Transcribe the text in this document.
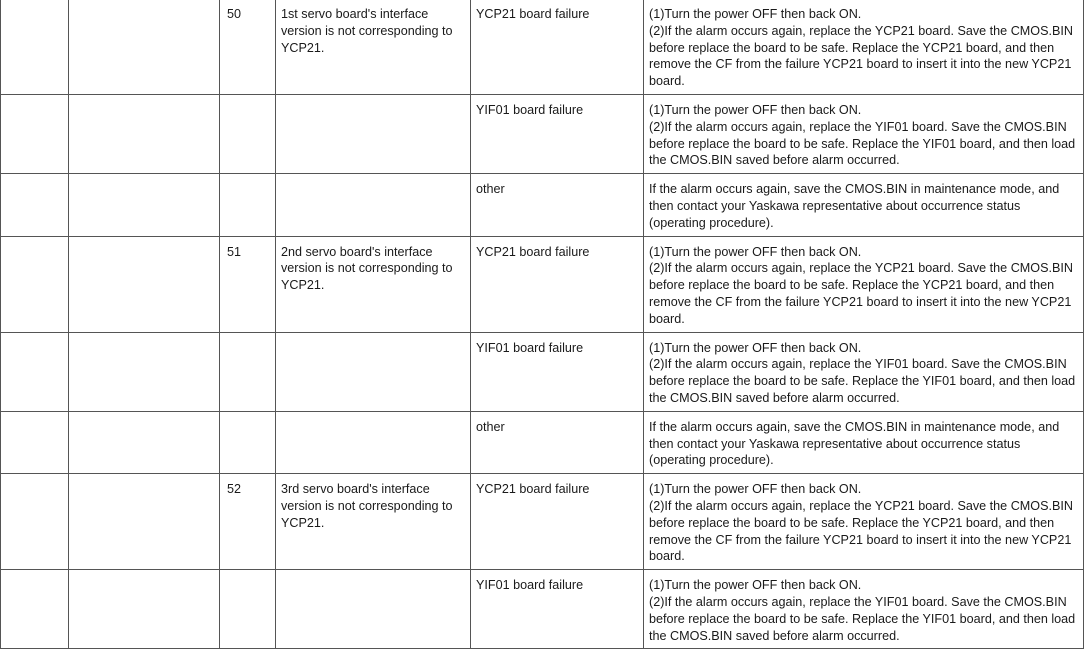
		50	1st servo board's interface version is not corresponding to YCP21.	YCP21 board failure	(1)Turn the power OFF then back ON.
(2)If the alarm occurs again, replace the YCP21 board. Save the CMOS.BIN before replace the board to be safe. Replace the YCP21 board, and then remove the CF from the failure YCP21 board to insert it into the new YCP21 board.
				YIF01 board failure	(1)Turn the power OFF then back ON.
(2)If the alarm occurs again, replace the YIF01 board. Save the CMOS.BIN before replace the board to be safe. Replace the YIF01 board, and then load the CMOS.BIN saved before alarm occurred.
				other	If the alarm occurs again, save the CMOS.BIN in maintenance mode, and then contact your Yaskawa representative about occurrence status (operating procedure).
		51	2nd servo board's interface version is not corresponding to YCP21.	YCP21 board failure	(1)Turn the power OFF then back ON.
(2)If the alarm occurs again, replace the YCP21 board. Save the CMOS.BIN before replace the board to be safe. Replace the YCP21 board, and then remove the CF from the failure YCP21 board to insert it into the new YCP21 board.
				YIF01 board failure	(1)Turn the power OFF then back ON.
(2)If the alarm occurs again, replace the YIF01 board. Save the CMOS.BIN before replace the board to be safe. Replace the YIF01 board, and then load the CMOS.BIN saved before alarm occurred.
				other	If the alarm occurs again, save the CMOS.BIN in maintenance mode, and then contact your Yaskawa representative about occurrence status (operating procedure).
		52	3rd servo board's interface version is not corresponding to YCP21.	YCP21 board failure	(1)Turn the power OFF then back ON.
(2)If the alarm occurs again, replace the YCP21 board. Save the CMOS.BIN before replace the board to be safe. Replace the YCP21 board, and then remove the CF from the failure YCP21 board to insert it into the new YCP21 board.
				YIF01 board failure	(1)Turn the power OFF then back ON.
(2)If the alarm occurs again, replace the YIF01 board. Save the CMOS.BIN before replace the board to be safe. Replace the YIF01 board, and then load the CMOS.BIN saved before alarm occurred.
